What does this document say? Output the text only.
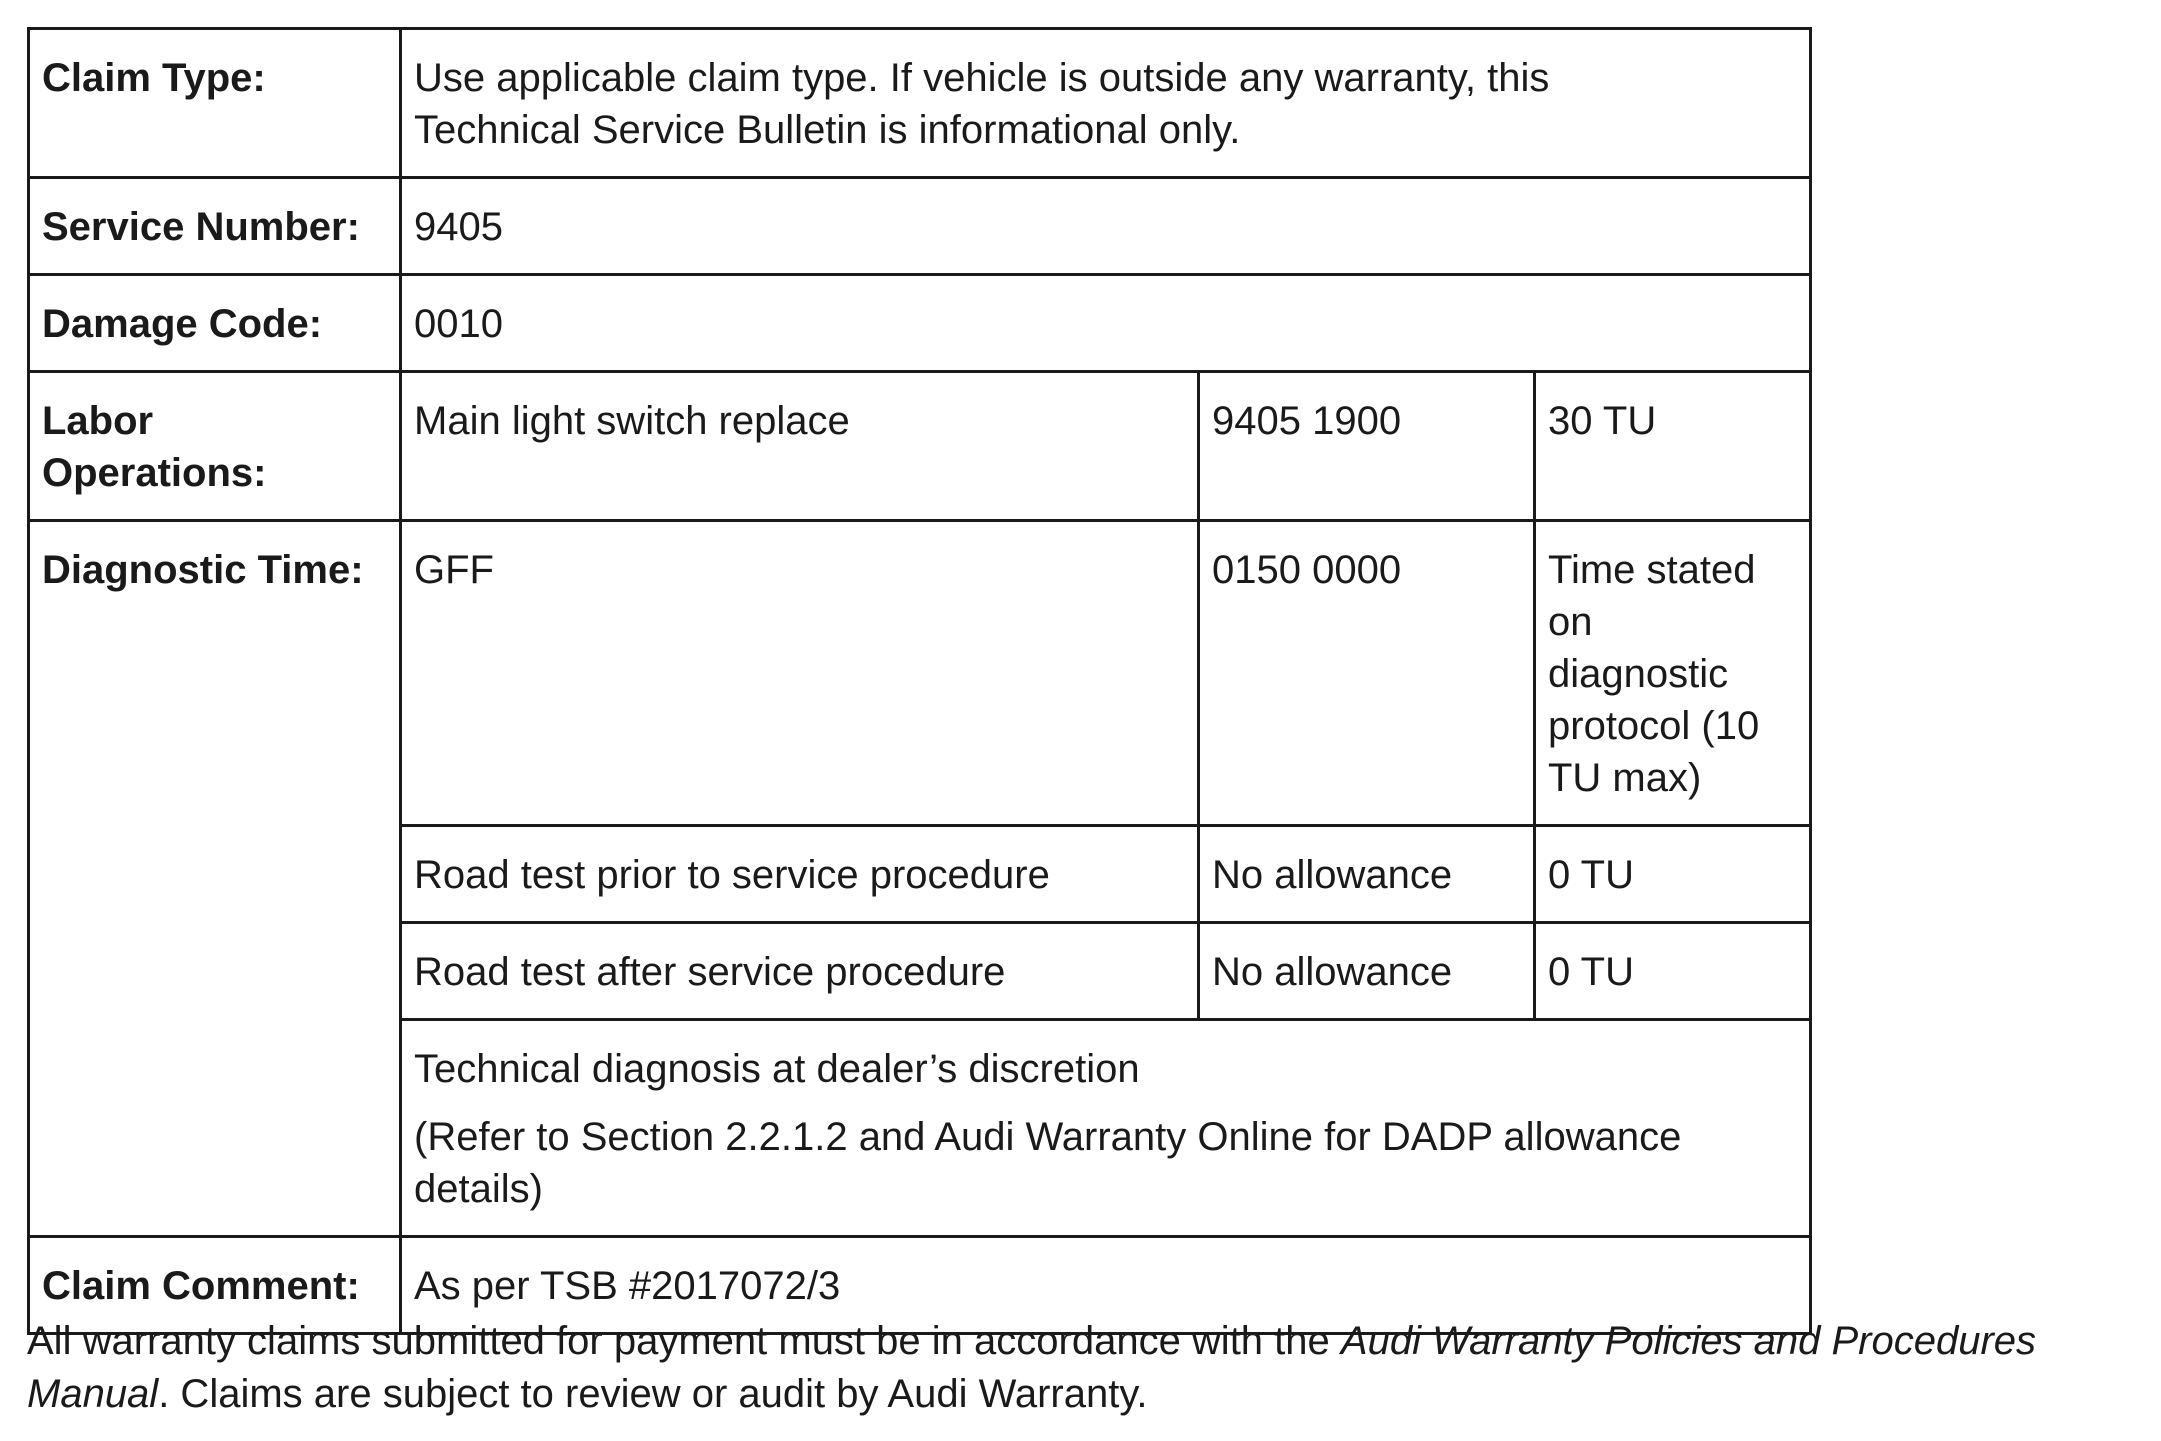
Claim Type:	Use applicable claim type. If vehicle is outside any warranty, this
Technical Service Bulletin is informational only.		
Service Number:	9405		
Damage Code:	0010		
Labor
Operations:	Main light switch replace	9405 1900	30 TU
Diagnostic Time:	GFF	0150 0000	Time stated
on
diagnostic
protocol (10
TU max)
	Road test prior to service procedure	No allowance	0 TU
	Road test after service procedure	No allowance	0 TU

	Technical diagnosis at dealer’s discretion
(Refer to Section 2.2.1.2 and Audi Warranty Online for DADP allowance
details)		

Claim Comment:	As per TSB #2017072/3		
All warranty claims submitted for payment must be in accordance with the Audi Warranty Policies and Procedures
Manual. Claims are subject to review or audit by Audi Warranty.
